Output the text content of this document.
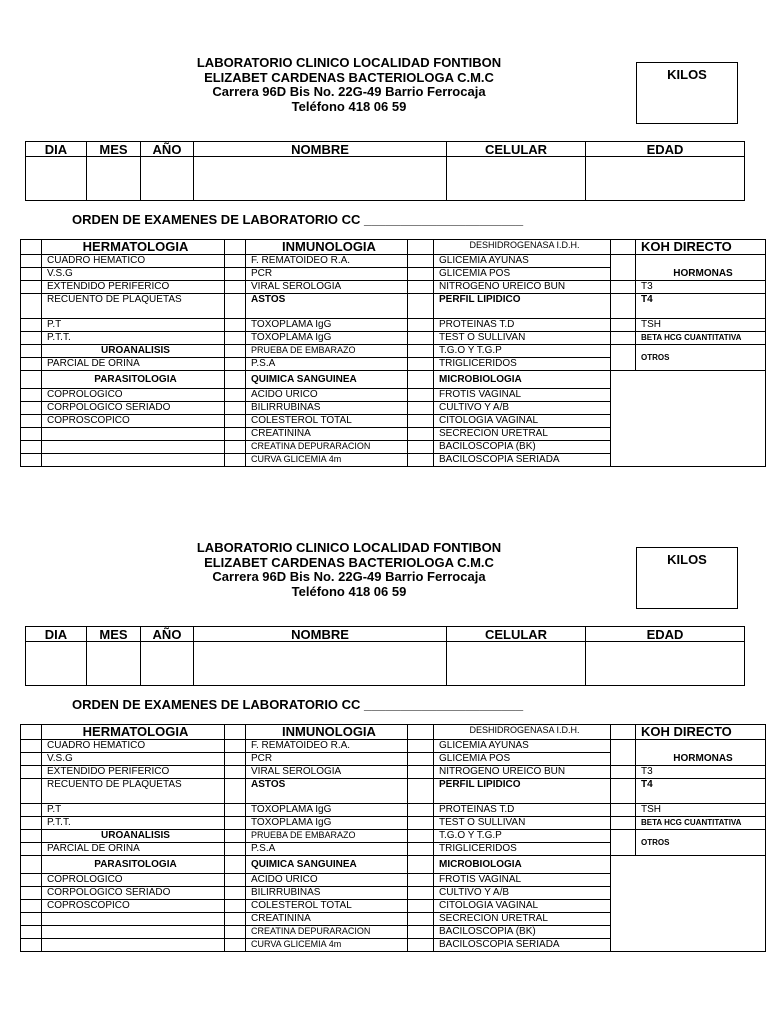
LABORATORIO CLINICO LOCALIDAD FONTIBON
ELIZABET CARDENAS BACTERIOLOGA C.M.C
Carrera 96D Bis No. 22G-49 Barrio Ferrocaja
Teléfono 418 06 59
KILOS
DIA	MES	AÑO	NOMBRE	CELULAR	EDAD

ORDEN DE EXAMENES DE LABORATORIO CC ______________________
	HERMATOLOGIA		INMUNOLOGIA		DESHIDROGENASA I.D.H.		KOH DIRECTO
	CUADRO HEMATICO		F. REMATOIDEO R.A.		GLICEMIA AYUNAS		
	V.S.G		PCR		GLICEMIA POS		HORMONAS
	EXTENDIDO PERIFERICO		VIRAL SEROLOGIA		NITROGENO UREICO BUN		T3
	RECUENTO DE PLAQUETAS		ASTOS		PERFIL LIPIDICO		T4
	P.T		TOXOPLAMA IgG		PROTEINAS T.D		TSH
	P.T.T.		TOXOPLAMA IgG		TEST O SULLIVAN		BETA HCG CUANTITATIVA
	UROANALISIS		PRUEBA DE EMBARAZO		T.G.O Y T.G.P		OTROS
	PARCIAL DE ORINA		P.S.A		TRIGLICERIDOS		
	PARASITOLOGIA		QUIMICA SANGUINEA		MICROBIOLOGIA		
	COPROLOGICO		ACIDO URICO		FROTIS VAGINAL		
	CORPOLOGICO SERIADO		BILIRRUBINAS		CULTIVO Y A/B		
	COPROSCOPICO		COLESTEROL TOTAL		CITOLOGIA VAGINAL		
			CREATININA		SECRECION URETRAL		
			CREATINA DEPURARACION		BACILOSCOPIA (BK)		
			CURVA GLICEMIA 4m		BACILOSCOPIA SERIADA		
LABORATORIO CLINICO LOCALIDAD FONTIBON
ELIZABET CARDENAS BACTERIOLOGA C.M.C
Carrera 96D Bis No. 22G-49 Barrio Ferrocaja
Teléfono 418 06 59
KILOS
DIA	MES	AÑO	NOMBRE	CELULAR	EDAD

ORDEN DE EXAMENES DE LABORATORIO CC ______________________
	HERMATOLOGIA		INMUNOLOGIA		DESHIDROGENASA I.D.H.		KOH DIRECTO
	CUADRO HEMATICO		F. REMATOIDEO R.A.		GLICEMIA AYUNAS		
	V.S.G		PCR		GLICEMIA POS		HORMONAS
	EXTENDIDO PERIFERICO		VIRAL SEROLOGIA		NITROGENO UREICO BUN		T3
	RECUENTO DE PLAQUETAS		ASTOS		PERFIL LIPIDICO		T4
	P.T		TOXOPLAMA IgG		PROTEINAS T.D		TSH
	P.T.T.		TOXOPLAMA IgG		TEST O SULLIVAN		BETA HCG CUANTITATIVA
	UROANALISIS		PRUEBA DE EMBARAZO		T.G.O Y T.G.P		OTROS
	PARCIAL DE ORINA		P.S.A		TRIGLICERIDOS		
	PARASITOLOGIA		QUIMICA SANGUINEA		MICROBIOLOGIA		
	COPROLOGICO		ACIDO URICO		FROTIS VAGINAL		
	CORPOLOGICO SERIADO		BILIRRUBINAS		CULTIVO Y A/B		
	COPROSCOPICO		COLESTEROL TOTAL		CITOLOGIA VAGINAL		
			CREATININA		SECRECION URETRAL		
			CREATINA DEPURARACION		BACILOSCOPIA (BK)		
			CURVA GLICEMIA 4m		BACILOSCOPIA SERIADA		
